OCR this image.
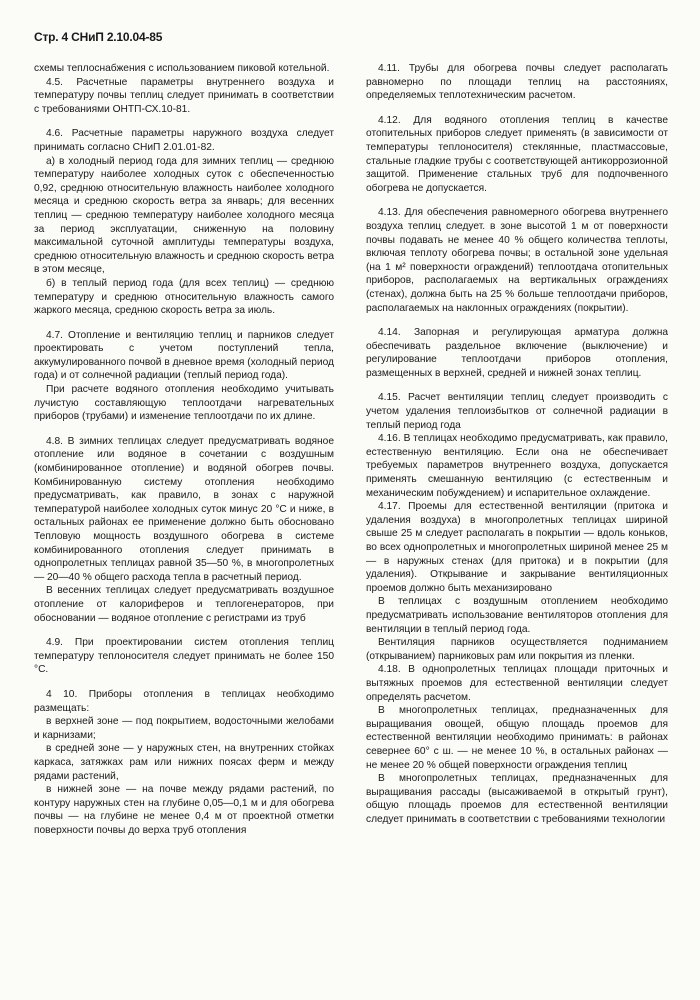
Стр. 4 СНиП 2.10.04-85

схемы теплоснабжения с использованием пиковой котельной.

4.5. Расчетные параметры внутреннего воздуха и температуру почвы теплиц следует принимать в соответствии с требованиями ОНТП-СХ.10-81.

4.6. Расчетные параметры наружного воздуха следует принимать согласно СНиП 2.01.01-82.

а) в холодный период года для зимних теплиц — среднюю температуру наиболее холодных суток с обеспеченностью 0,92, среднюю относительную влажность наиболее холодного месяца и среднюю скорость ветра за январь; для весенних теплиц — среднюю температуру наиболее холодного месяца за период эксплуатации, сниженную на половину максимальной суточной амплитуды температуры воздуха, среднюю относительную влажность и среднюю скорость ветра в этом месяце,

б) в теплый период года (для всех теплиц) — среднюю температуру и среднюю относительную влажность самого жаркого месяца, среднюю скорость ветра за июль.

4.7. Отопление и вентиляцию теплиц и парников следует проектировать с учетом поступлений тепла, аккумулированного почвой в дневное время (холодный период года) и от солнечной радиации (теплый период года).

При расчете водяного отопления необходимо учитывать лучистую составляющую теплоотдачи нагревательных приборов (трубами) и изменение теплоотдачи по их длине.

4.8. В зимних теплицах следует предусматривать водяное отопление или водяное в сочетании с воздушным (комбинированное отопление) и водяной обогрев почвы. Комбинированную систему отопления необходимо предусматривать, как правило, в зонах с наружной температурой наиболее холодных суток минус 20 °С и ниже, в остальных районах ее применение должно быть обосновано Тепловую мощность воздушного обогрева в системе комбинированного отопления следует принимать в однопролетных теплицах равной 35—50 %, в многопролетных — 20—40 % общего расхода тепла в расчетный период.

В весенних теплицах следует предусматривать воздушное отопление от калориферов и теплогенераторов, при обосновании — водяное отопление с регистрами из труб

4.9. При проектировании систем отопления теплиц температуру теплоносителя следует принимать не более 150 °С.

4 10. Приборы отопления в теплицах необходимо размещать:

в верхней зоне — под покрытием, водосточными желобами и карнизами;

в средней зоне — у наружных стен, на внутренних стойках каркаса, затяжках рам или нижних поясах ферм и между рядами растений,

в нижней зоне — на почве между рядами растений, по контуру наружных стен на глубине 0,05—0,1 м и для обогрева почвы — на глубине не менее 0,4 м от проектной отметки поверхности почвы до верха труб отопления

4.11. Трубы для обогрева почвы следует располагать равномерно по площади теплиц на расстояниях, определяемых теплотехническим расчетом.

4.12. Для водяного отопления теплиц в качестве отопительных приборов следует применять (в зависимости от температуры теплоносителя) стеклянные, пластмассовые, стальные гладкие трубы с соответствующей антикоррозионной защитой. Применение стальных труб для подпочвенного обогрева не допускается.

4.13. Для обеспечения равномерного обогрева внутреннего воздуха теплиц следует. в зоне высотой 1 м от поверхности почвы подавать не менее 40 % общего количества теплоты, включая теплоту обогрева почвы; в остальной зоне удельная (на 1 м² поверхности ограждений) теплоотдача отопительных приборов, располагаемых на вертикальных ограждениях (стенах), должна быть на 25 % больше теплоотдачи приборов, располагаемых на наклонных ограждениях (покрытии).

4.14. Запорная и регулирующая арматура должна обеспечивать раздельное включение (выключение) и регулирование теплоотдачи приборов отопления, размещенных в верхней, средней и нижней зонах теплиц.

4.15. Расчет вентиляции теплиц следует производить с учетом удаления теплоизбытков от солнечной радиации в теплый период года

4.16. В теплицах необходимо предусматривать, как правило, естественную вентиляцию. Если она не обеспечивает требуемых параметров внутреннего воздуха, допускается применять смешанную вентиляцию (с естественным и механическим побуждением) и испарительное охлаждение.

4.17. Проемы для естественной вентиляции (притока и удаления воздуха) в многопролетных теплицах шириной свыше 25 м следует располагать в покрытии — вдоль коньков, во всех однопролетных и многопролетных шириной менее 25 м — в наружных стенах (для притока) и в покрытии (для удаления). Открывание и закрывание вентиляционных проемов должно быть механизировано

В теплицах с воздушным отоплением необходимо предусматривать использование вентиляторов отопления для вентиляции в теплый период года.

Вентиляция парников осуществляется подниманием (открыванием) парниковых рам или покрытия из пленки.

4.18. В однопролетных теплицах площади приточных и вытяжных проемов для естественной вентиляции следует определять расчетом.

В многопролетных теплицах, предназначенных для выращивания овощей, общую площадь проемов для естественной вентиляции необходимо принимать: в районах севернее 60° с ш. — не менее 10 %, в остальных районах — не менее 20 % общей поверхности ограждения теплиц

В многопролетных теплицах, предназначенных для выращивания рассады (высаживаемой в открытый грунт), общую площадь проемов для естественной вентиляции следует принимать в соответствии с требованиями технологии
